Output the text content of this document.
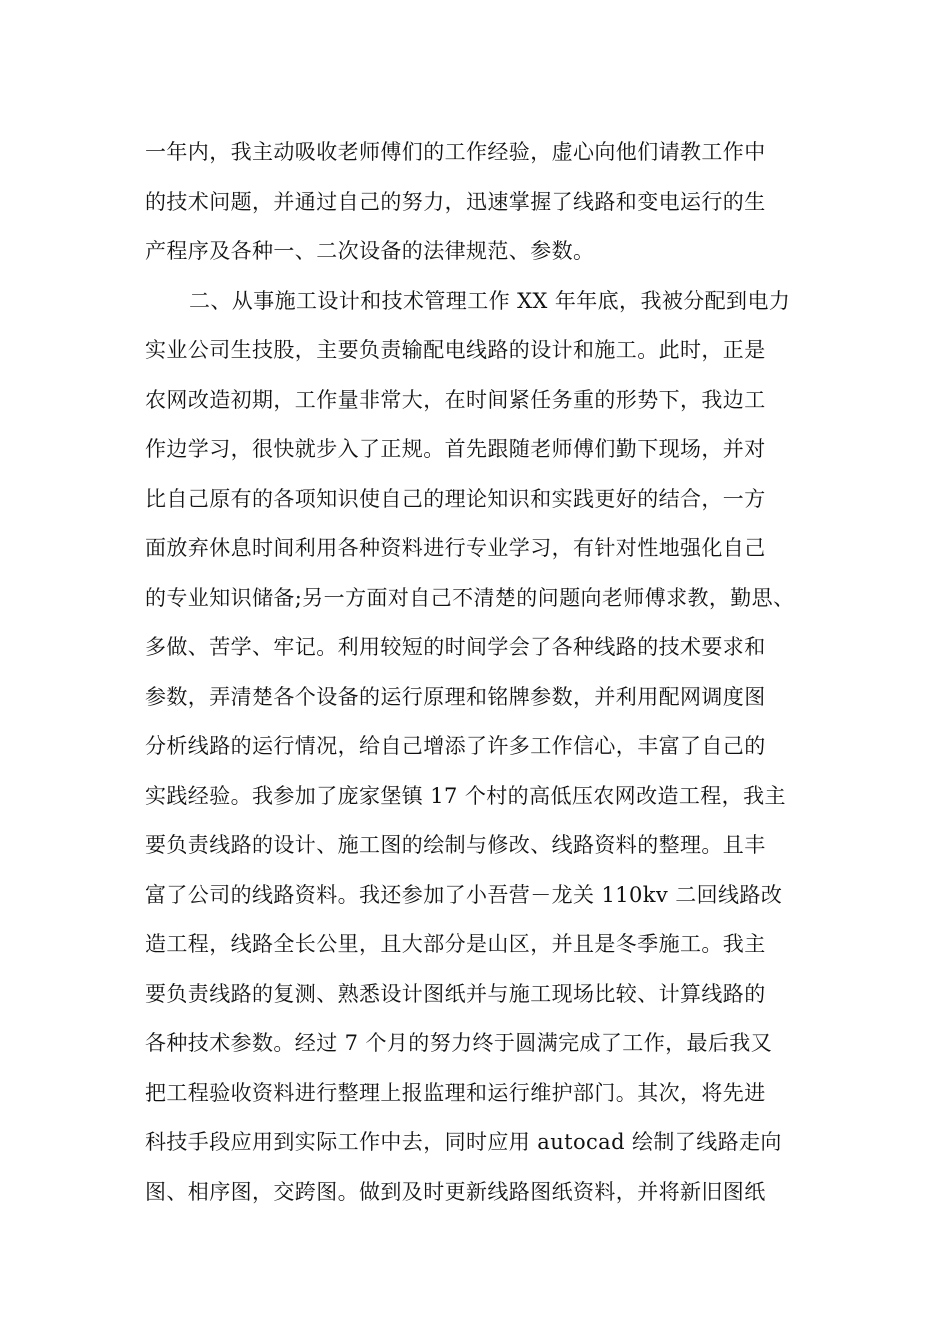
一年内，我主动吸收老师傅们的工作经验，虚心向他们请教工作中
的技术问题，并通过自己的努力，迅速掌握了线路和变电运行的生
产程序及各种一、二次设备的法律规范、参数。
二、从事施工设计和技术管理工作 XX 年年底，我被分配到电力
实业公司生技股，主要负责输配电线路的设计和施工。此时，正是
农网改造初期，工作量非常大，在时间紧任务重的形势下，我边工
作边学习，很快就步入了正规。首先跟随老师傅们勤下现场，并对
比自己原有的各项知识使自己的理论知识和实践更好的结合，一方
面放弃休息时间利用各种资料进行专业学习，有针对性地强化自己
的专业知识储备;另一方面对自己不清楚的问题向老师傅求教，勤思、
多做、苦学、牢记。利用较短的时间学会了各种线路的技术要求和
参数，弄清楚各个设备的运行原理和铭牌参数，并利用配网调度图
分析线路的运行情况，给自己增添了许多工作信心，丰富了自己的
实践经验。我参加了庞家堡镇 17 个村的高低压农网改造工程，我主
要负责线路的设计、施工图的绘制与修改、线路资料的整理。且丰
富了公司的线路资料。我还参加了小吾营－龙关 110kv 二回线路改
造工程，线路全长公里，且大部分是山区，并且是冬季施工。我主
要负责线路的复测、熟悉设计图纸并与施工现场比较、计算线路的
各种技术参数。经过 7 个月的努力终于圆满完成了工作，最后我又
把工程验收资料进行整理上报监理和运行维护部门。其次，将先进
科技手段应用到实际工作中去，同时应用 autocad 绘制了线路走向
图、相序图，交跨图。做到及时更新线路图纸资料，并将新旧图纸
